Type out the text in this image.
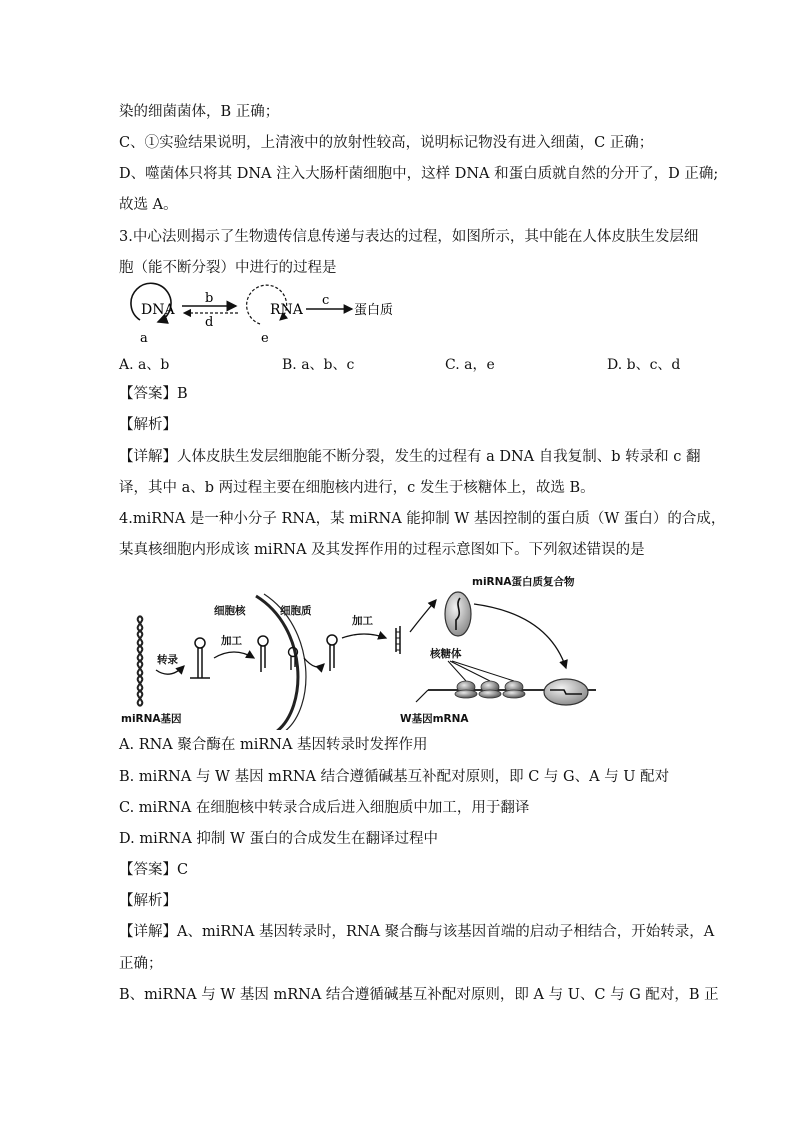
染的细菌菌体，B 正确；
C、①实验结果说明，上清液中的放射性较高，说明标记物没有进入细菌，C 正确；
D、噬菌体只将其 DNA 注入大肠杆菌细胞中，这样 DNA 和蛋白质就自然的分开了，D 正确;
故选 A。
3.中心法则揭示了生物遗传信息传递与表达的过程，如图所示，其中能在人体皮肤生发层细
胞（能不断分裂）中进行的过程是
DNA
a
b
d
RNA
e
c
蛋白质
A. a、b	B. a、b、c	C. a，e	D. b、c、d
【答案】B
【解析】
【详解】人体皮肤生发层细胞能不断分裂，发生的过程有 a DNA 自我复制、b 转录和 c 翻
译，其中 a、b 两过程主要在细胞核内进行，c 发生于核糖体上，故选 B。
4.miRNA 是一种小分子 RNA，某 miRNA 能抑制 W 基因控制的蛋白质（W 蛋白）的合成，
某真核细胞内形成该 miRNA 及其发挥作用的过程示意图如下。下列叙述错误的是
转录
加工
细胞核	细胞质
加工
miRNA蛋白质复合物
核糖体
miRNA基因	W基因mRNA
A. RNA 聚合酶在 miRNA 基因转录时发挥作用
B. miRNA 与 W 基因 mRNA 结合遵循碱基互补配对原则，即 C 与 G、A 与 U 配对
C. miRNA 在细胞核中转录合成后进入细胞质中加工，用于翻译
D. miRNA 抑制 W 蛋白的合成发生在翻译过程中
【答案】C
【解析】
【详解】A、miRNA 基因转录时，RNA 聚合酶与该基因首端的启动子相结合，开始转录，A
正确；
B、miRNA 与 W 基因 mRNA 结合遵循碱基互补配对原则，即 A 与 U、C 与 G 配对，B 正
